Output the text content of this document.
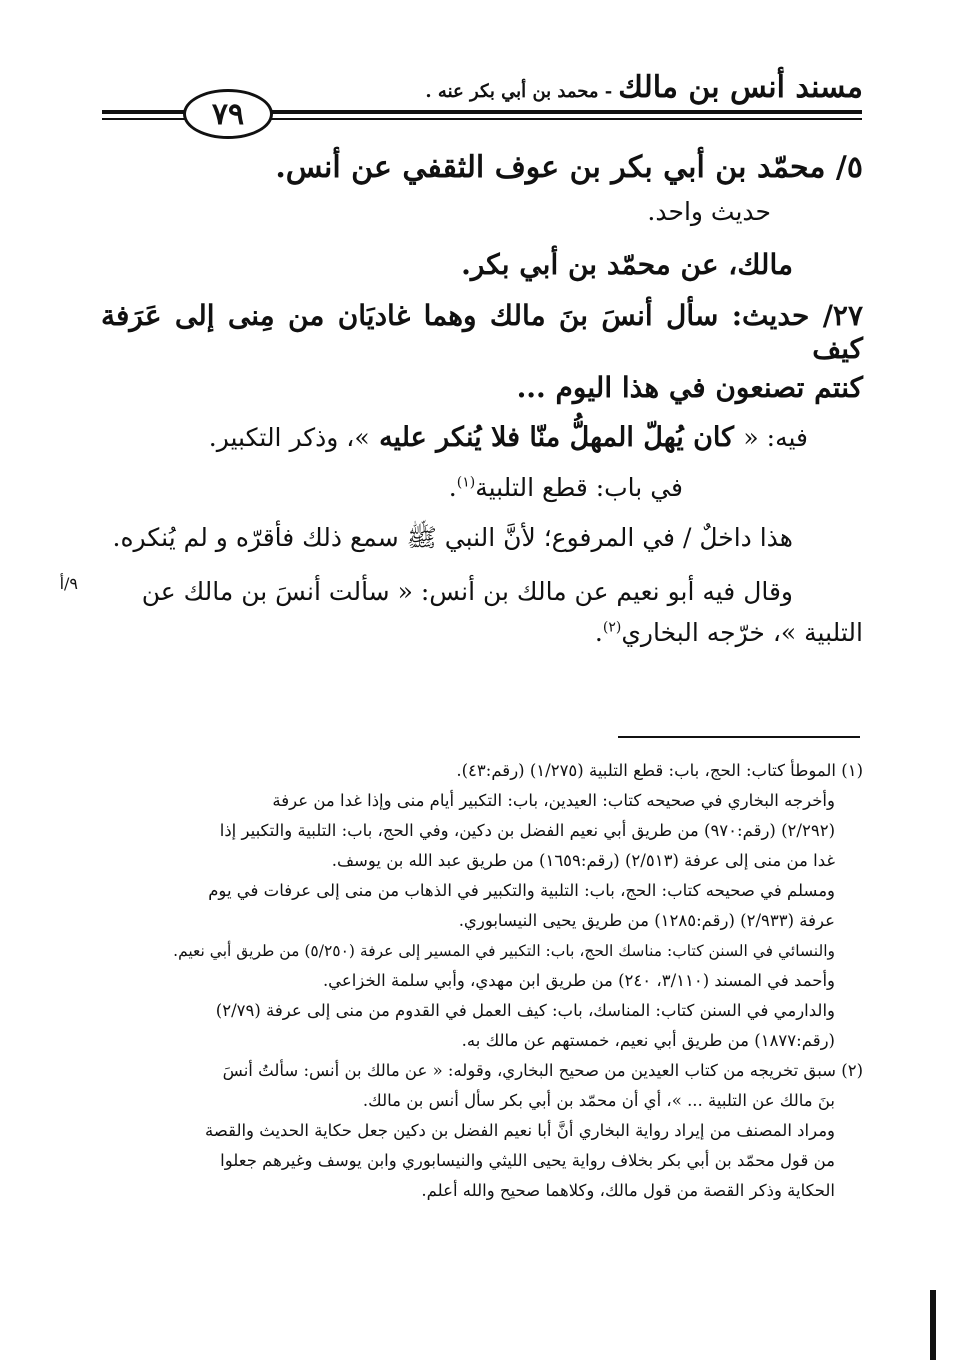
مسند أنس بن مالك- محمد بن أبي بكر عنه .
٧٩
٥/ محمّد بن أبي بكر بن عوف الثقفي عن أنس.
حديث واحد.
مالك، عن محمّد بن أبي بكر.
٢٧/ حديث: سأل أنسَ بنَ مالك وهما غاديَان من مِنى إلى عَرَفة كيف
كنتم تصنعون في هذا اليوم ...
فيه: « كان يُهلّ المهلُّ منّا فلا يُنكر عليه »، وذكر التكبير.
في باب: قطع التلبية$^{(١)}$.
هذا داخلٌ / في المرفوع؛ لأنَّ النبي ﷺ سمع ذلك فأقرّه و لم يُنكره.
وقال فيه أبو نعيم عن مالك بن أنس: « سألت أنسَ بن مالك عن
التلبية »، خرّجه البخاري$^{(٢)}$.
٩/أ
(١) الموطأ كتاب: الحج، باب: قطع التلبية (١/٢٧٥) (رقم:٤٣).
وأخرجه البخاري في صحيحه كتاب: العيدين، باب: التكبير أيام منى وإذا غدا من عرفة
(٢/٢٩٢) (رقم:٩٧٠) من طريق أبي نعيم الفضل بن دكين، وفي الحج، باب: التلبية والتكبير إذا
غدا من منى إلى عرفة (٢/٥١٣) (رقم:١٦٥٩) من طريق عبد الله بن يوسف.
ومسلم في صحيحه كتاب: الحج، باب: التلبية والتكبير في الذهاب من منى إلى عرفات في يوم
عرفة (٢/٩٣٣) (رقم:١٢٨٥) من طريق يحيى النيسابوري.
والنسائي في السنن كتاب: مناسك الحج، باب: التكبير في المسير إلى عرفة (٥/٢٥٠) من طريق أبي نعيم.
وأحمد في المسند (٣/١١٠، ٢٤٠) من طريق ابن مهدي، وأبي سلمة الخزاعي.
والدارمي في السنن كتاب: المناسك، باب: كيف العمل في القدوم من منى إلى عرفة (٢/٧٩)
(رقم:١٨٧٧) من طريق أبي نعيم، خمستهم عن مالك به.
(٢) سبق تخريجه من كتاب العيدين من صحيح البخاري، وقوله: « عن مالك بن أنس: سألتُ أنسَ
بنَ مالك عن التلبية ... »، أي أن محمّد بن أبي بكر سأل أنس بن مالك.
ومراد المصنف من إيراد رواية البخاري أنَّ أبا نعيم الفضل بن دكين جعل حكاية الحديث والقصة
من قول محمّد بن أبي بكر بخلاف رواية يحيى الليثي والنيسابوري وابن يوسف وغيرهم جعلوا
الحكاية وذكر القصة من قول مالك، وكلاهما صحيح والله أعلم.
